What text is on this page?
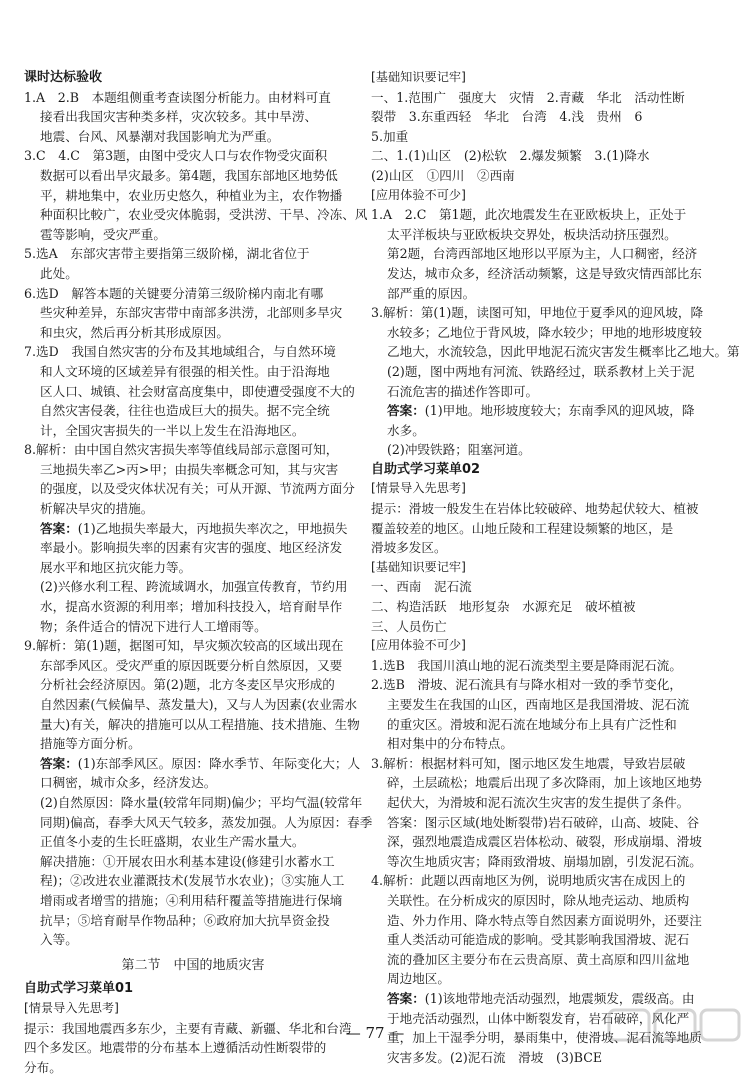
课时达标验收

1.A　2.B　本题组侧重考查读图分析能力。由材料可直

接看出我国灾害种类多样，灾次较多。其中旱涝、

地震、台风、风暴潮对我国影响尤为严重。

3.C　4.C　第3题，由图中受灾人口与农作物受灾面积

数据可以看出旱灾最多。第4题，我国东部地区地势低

平，耕地集中，农业历史悠久，种植业为主，农作物播

种面积比較广，农业受灾体脆弱，受洪涝、干旱、冷冻、风

雹等影响，受灾严重。

5.选A　东部灾害带主要指第三级阶梯，湖北省位于

此处。

6.选D　解答本题的关键要分清第三级阶梯内南北有哪

些灾种差异，东部灾害带中南部多洪涝，北部则多旱灾

和虫灾，然后再分析其形成原因。

7.选D　我国自然灾害的分布及其地域组合，与自然环境

和人文环境的区域差异有很强的相关性。由于沿海地

区人口、城镇、社会财富高度集中，即使遭受强度不大的

自然灾害侵袭，往往也造成巨大的损失。据不完全统

计，全国灾害损失的一半以上发生在沿海地区。

8.解析：由中国自然灾害损失率等值线局部示意图可知，

三地损失率乙>丙>甲；由损失率概念可知，其与灾害

的强度，以及受灾体状况有关；可从开源、节流两方面分

析解决旱灾的措施。

答案：(1)乙地损失率最大，丙地损失率次之，甲地损失

率最小。影响损失率的因素有灾害的强度、地区经济发

展水平和地区抗灾能力等。

(2)兴修水利工程、跨流域调水，加强宣传教育，节约用

水，提高水资源的利用率；增加科技投入，培育耐旱作

物；条件适合的情况下进行人工增雨等。

9.解析：第(1)题，据图可知，旱灾频次较高的区域出现在

东部季风区。受灾严重的原因既要分析自然原因，又要

分析社会经济原因。第(2)题，北方冬麦区旱灾形成的

自然因素(气候偏旱、蒸发量大)，又与人为因素(农业需水

量大)有关，解决的措施可以从工程措施、技术措施、生物

措施等方面分析。

答案：(1)东部季风区。原因：降水季节、年际变化大；人

口稠密，城市众多，经济发达。

(2)自然原因：降水量(较常年同期)偏少；平均气温(较常年

同期)偏高，春季大风天气较多，蒸发加强。人为原因：春季

正值冬小麦的生长旺盛期，农业生产需水量大。

解决措施：①开展农田水利基本建设(修建引水蓄水工

程)；②改进农业灌溉技术(发展节水农业)；③实施人工

增雨或者增雪的措施；④利用秸秆覆盖等措施进行保墒

抗旱；⑤培育耐旱作物品种；⑥政府加大抗旱资金投

入等。

第二节　中国的地质灾害

自助式学习菜单01

[情景导入先思考]

提示：我国地震西多东少，主要有青藏、新疆、华北和台湾

四个多发区。地震带的分布基本上遵循活动性断裂带的

分布。

[基础知识要记牢]

一、1.范围广　强度大　灾情　2.青藏　华北　活动性断

裂带　3.东重西轻　华北　台湾　4.浅　贵州　6

5.加重

二、1.(1)山区　(2)松软　2.爆发频繁　3.(1)降水

(2)山区　①四川　②西南

[应用体验不可少]

1.A　2.C　第1题，此次地震发生在亚欧板块上，正处于

太平洋板块与亚欧板块交界处，板块活动挤压强烈。

第2题，台湾西部地区地形以平原为主，人口稠密，经济

发达，城市众多，经济活动频繁，这是导致灾情西部比东

部严重的原因。

3.解析：第(1)题，读图可知，甲地位于夏季风的迎风坡，降

水较多；乙地位于背风坡，降水较少；甲地的地形坡度较

乙地大，水流较急，因此甲地泥石流灾害发生概率比乙地大。第

(2)题，图中两地有河流、铁路经过，联系教材上关于泥

石流危害的描述作答即可。

答案：(1)甲地。地形坡度较大；东南季风的迎风坡，降

水多。

(2)冲毁铁路；阻塞河道。

自助式学习菜单02

[情景导入先思考]

提示：滑坡一般发生在岩体比较破碎、地势起伏较大、植被

覆盖较差的地区。山地丘陵和工程建设频繁的地区，是

滑坡多发区。

[基础知识要记牢]

一、西南　泥石流

二、构造活跃　地形复杂　水源充足　破坏植被

三、人员伤亡

[应用体验不可少]

1.选B　我国川滇山地的泥石流类型主要是降雨泥石流。

2.选B　滑坡、泥石流具有与降水相对一致的季节变化，

主要发生在我国的山区，西南地区是我国滑坡、泥石流

的重灾区。滑坡和泥石流在地域分布上具有广泛性和

相对集中的分布特点。

3.解析：根据材料可知，图示地区发生地震，导致岩层破

碎，土层疏松；地震后出现了多次降雨，加上该地区地势

起伏大，为滑坡和泥石流次生灾害的发生提供了条件。

答案：图示区域(地处断裂带)岩石破碎，山高、坡陡、谷

深，强烈地震造成震区岩体松动、破裂，形成崩塌、滑坡

等次生地质灾害；降雨致滑坡、崩塌加剧，引发泥石流。

4.解析：此题以西南地区为例，说明地质灾害在成因上的

关联性。在分析成灾的原因时，除从地壳运动、地质构

造、外力作用、降水特点等自然因素方面说明外，还要注

重人类活动可能造成的影响。受其影响我国滑坡、泥石

流的叠加区主要分布在云贵高原、黄土高原和四川盆地

周边地区。

答案：(1)该地带地壳活动强烈，地震频发，震级高。由

于地壳活动强烈，山体中断裂发育，岩石破碎，风化严

重，加上干湿季分明，暴雨集中，使滑坡、泥石流等地质

灾害多发。(2)泥石流　滑坡　(3)BCE

— 77 —
